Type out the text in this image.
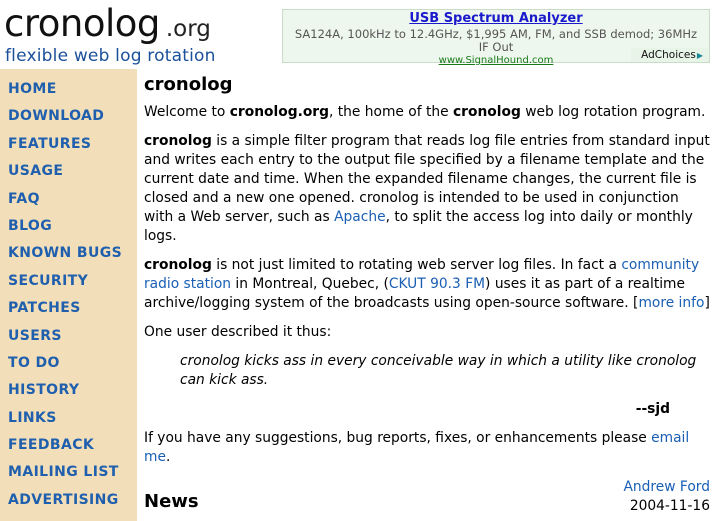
cronolog .org
flexible web log rotation
USB Spectrum Analyzer
SA124A, 100kHz to 12.4GHz, $1,995 AM, FM, and SSB demod; 36MHz IF Out
www.SignalHound.com	AdChoices▶
HOME
DOWNLOAD
FEATURES
USAGE
FAQ
BLOG
KNOWN BUGS
SECURITY
PATCHES
USERS
TO DO
HISTORY
LINKS
FEEDBACK
MAILING LIST
ADVERTISING
cronolog

Welcome to cronolog.org, the home of the cronolog web log rotation program.

cronolog is a simple filter program that reads log file entries from standard input and writes each entry to the output file specified by a filename template and the current date and time. When the expanded filename changes, the current file is closed and a new one opened. cronolog is intended to be used in conjunction with a Web server, such as Apache, to split the access log into daily or monthly logs.

cronolog is not just limited to rotating web server log files. In fact a community radio station in Montreal, Quebec, (CKUT 90.3 FM) uses it as part of a realtime archive/logging system of the broadcasts using open-source software. [more info]

One user described it thus:

cronolog kicks ass in every conceivable way in which a utility like cronolog can kick ass.
--sjd

If you have any suggestions, bug reports, fixes, or enhancements please email me.

Andrew Ford
2004-11-16
News
